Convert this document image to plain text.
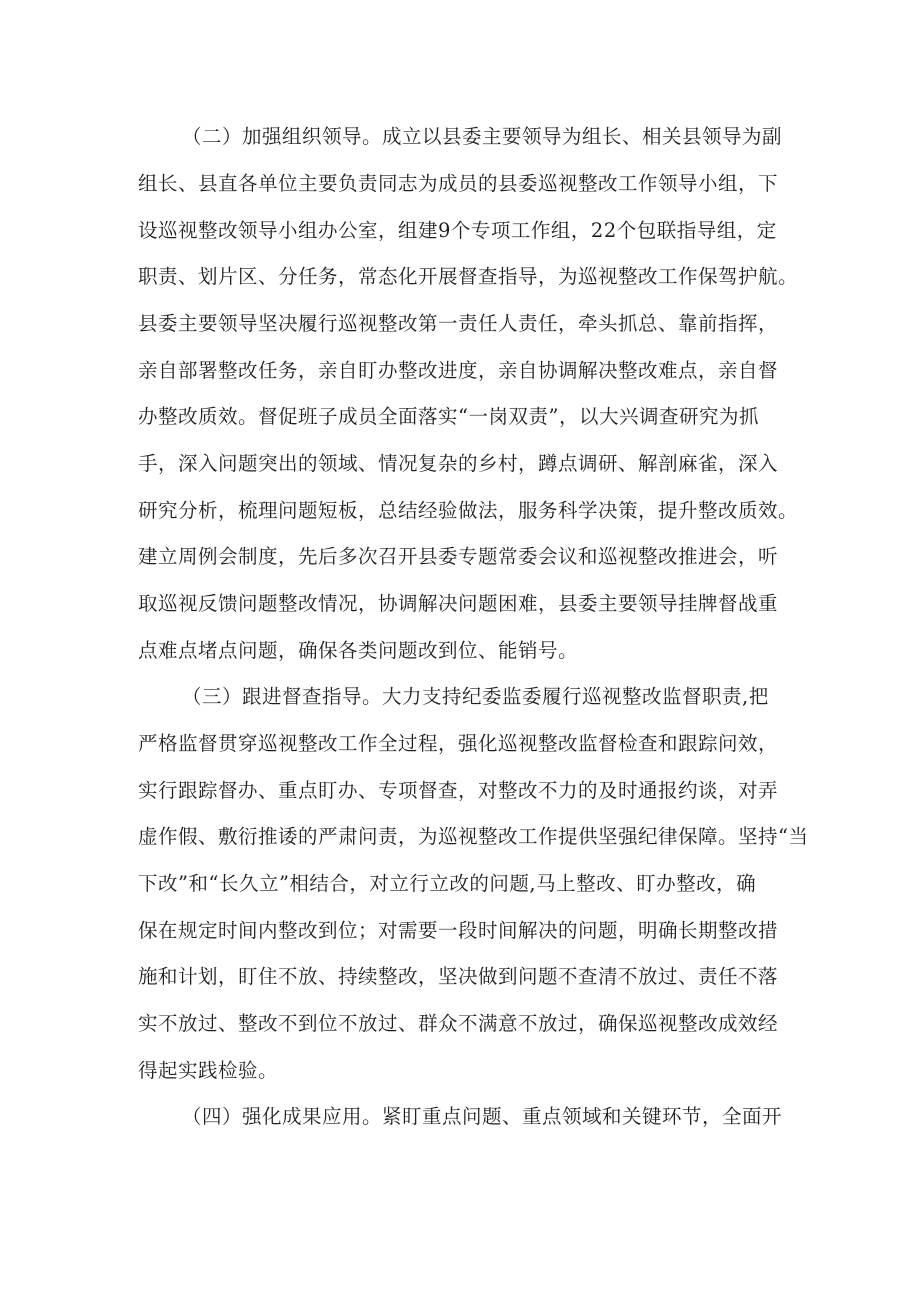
（二）加强组织领导。成立以县委主要领导为组长、相关县领导为副

组长、县直各单位主要负责同志为成员的县委巡视整改工作领导小组，下

设巡视整改领导小组办公室，组建9个专项工作组，22个包联指导组，定

职责、划片区、分任务，常态化开展督查指导，为巡视整改工作保驾护航。

县委主要领导坚决履行巡视整改第一责任人责任，牵头抓总、靠前指挥，

亲自部署整改任务，亲自盯办整改进度，亲自协调解决整改难点，亲自督

办整改质效。督促班子成员全面落实“一岗双责”，以大兴调查研究为抓

手，深入问题突出的领域、情况复杂的乡村，蹲点调研、解剖麻雀，深入

研究分析，梳理问题短板，总结经验做法，服务科学决策，提升整改质效。

建立周例会制度，先后多次召开县委专题常委会议和巡视整改推进会，听

取巡视反馈问题整改情况，协调解决问题困难，县委主要领导挂牌督战重

点难点堵点问题，确保各类问题改到位、能销号。

（三）跟进督查指导。大力支持纪委监委履行巡视整改监督职责,把

严格监督贯穿巡视整改工作全过程，强化巡视整改监督检查和跟踪问效，

实行跟踪督办、重点盯办、专项督查，对整改不力的及时通报约谈，对弄

虚作假、敷衍推诿的严肃问责，为巡视整改工作提供坚强纪律保障。坚持“当

下改”和“长久立”相结合，对立行立改的问题,马上整改、盯办整改，确

保在规定时间内整改到位；对需要一段时间解决的问题，明确长期整改措

施和计划，盯住不放、持续整改，坚决做到问题不查清不放过、责任不落

实不放过、整改不到位不放过、群众不满意不放过，确保巡视整改成效经

得起实践检验。

（四）强化成果应用。紧盯重点问题、重点领域和关键环节，全面开
